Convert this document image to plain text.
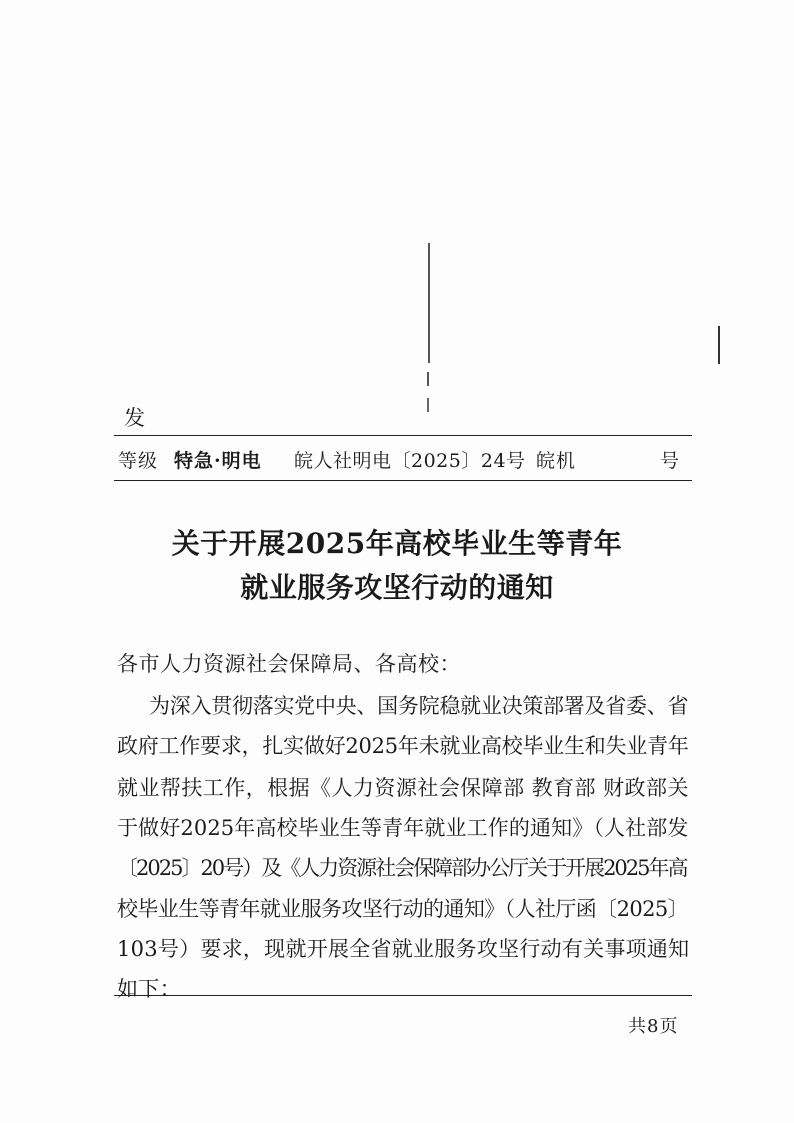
发
等级 特急·明电 皖人社明电〔2025〕24号 皖机	号
关于开展2025年高校毕业生等青年
就业服务攻坚行动的通知
各市人力资源社会保障局、各高校：
为深入贯彻落实党中央、国务院稳就业决策部署及省委、省
政府工作要求，扎实做好2025年未就业高校毕业生和失业青年
就业帮扶工作，根据《人力资源社会保障部 教育部 财政部关
于做好2025年高校毕业生等青年就业工作的通知》（人社部发
〔2025〕20号）及《人力资源社会保障部办公厅关于开展2025年高
校毕业生等青年就业服务攻坚行动的通知》（人社厅函〔2025〕
103号）要求，现就开展全省就业服务攻坚行动有关事项通知
如下：
共8页
